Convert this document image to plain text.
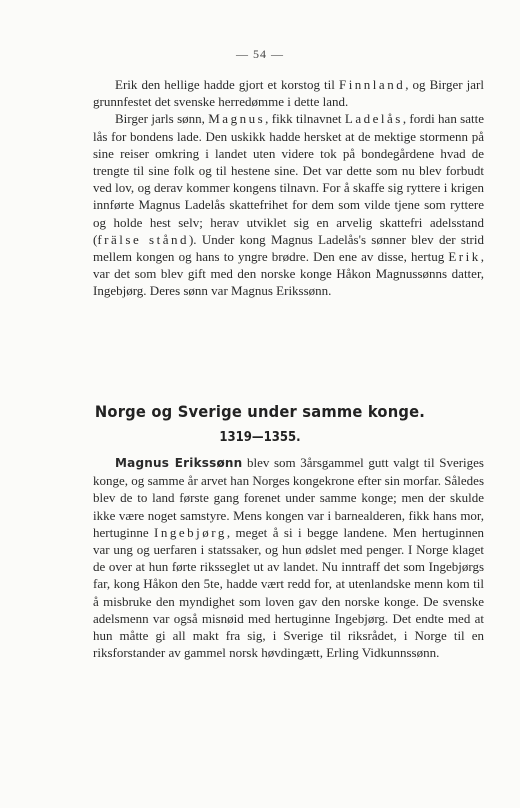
— 54 —

Erik den hellige hadde gjort et korstog til Finnland, og Birger jarl grunnfestet det svenske herredømme i dette land.

Birger jarls sønn, Magnus, fikk tilnavnet Ladelås, fordi han satte lås for bondens lade. Den uskikk hadde hersket at de mektige stormenn på sine reiser omkring i landet uten videre tok på bondegårdene hvad de trengte til sine folk og til hestene sine. Det var dette som nu blev forbudt ved lov, og derav kommer kongens tilnavn. For å skaffe sig ryttere i krigen innførte Magnus Ladelås skattefrihet for dem som vilde tjene som ryttere og holde hest selv; herav utviklet sig en arvelig skattefri adelsstand (frälse stånd). Under kong Magnus Ladelås's sønner blev der strid mellem kongen og hans to yngre brødre. Den ene av disse, hertug Erik, var det som blev gift med den norske konge Håkon Magnussønns datter, Ingebjørg. Deres sønn var Magnus Erikssønn.

Norge og Sverige under samme konge.
1319—1355.

Magnus Erikssønn blev som 3årsgammel gutt valgt til Sveriges konge, og samme år arvet han Norges kongekrone efter sin morfar. Således blev de to land første gang forenet under samme konge; men der skulde ikke være noget samstyre. Mens kongen var i barnealderen, fikk hans mor, hertuginne Ingebjørg, meget å si i begge landene. Men hertuginnen var ung og uerfaren i statssaker, og hun ødslet med penger. I Norge klaget de over at hun førte riksseglet ut av landet. Nu inntraff det som Ingebjørgs far, kong Håkon den 5te, hadde vært redd for, at utenlandske menn kom til å misbruke den myndighet som loven gav den norske konge. De svenske adelsmenn var også misnøid med hertuginne Ingebjørg. Det endte med at hun måtte gi all makt fra sig, i Sverige til riksrådet, i Norge til en riksforstander av gammel norsk høvdingætt, Erling Vidkunnssønn.
